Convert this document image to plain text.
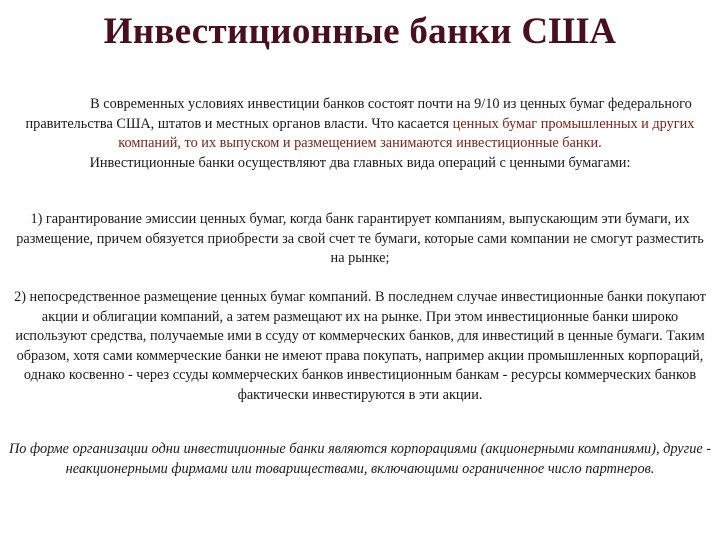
Инвестиционные банки США
В современных условиях инвестиции банков состоят почти на 9/10 из ценных бумаг федерального правительства США, штатов и местных органов власти. Что касается ценных бумаг промышленных и других компаний, то их выпуском и размещением занимаются инвестиционные банки.
Инвестиционные банки осуществляют два главных вида операций с ценными бумагами:
1) гарантирование эмиссии ценных бумаг, когда банк гарантирует компаниям, выпускающим эти бумаги, их размещение, причем обязуется приобрести за свой счет те бумаги, которые сами компании не смогут разместить на рынке;
2) непосредственное размещение ценных бумаг компаний. В последнем случае инвестиционные банки покупают акции и облигации компаний, а затем размещают их на рынке. При этом инвестиционные банки широко используют средства, получаемые ими в ссуду от коммерческих банков, для инвестиций в ценные бумаги. Таким образом, хотя сами коммерческие банки не имеют права покупать, например акции промышленных корпораций, однако косвенно - через ссуды коммерческих банков инвестиционным банкам - ресурсы коммерческих банков фактически инвестируются в эти акции.
По форме организации одни инвестиционные банки являются корпорациями (акционерными компаниями), другие - неакционерными фирмами или товариществами, включающими ограниченное число партнеров.
